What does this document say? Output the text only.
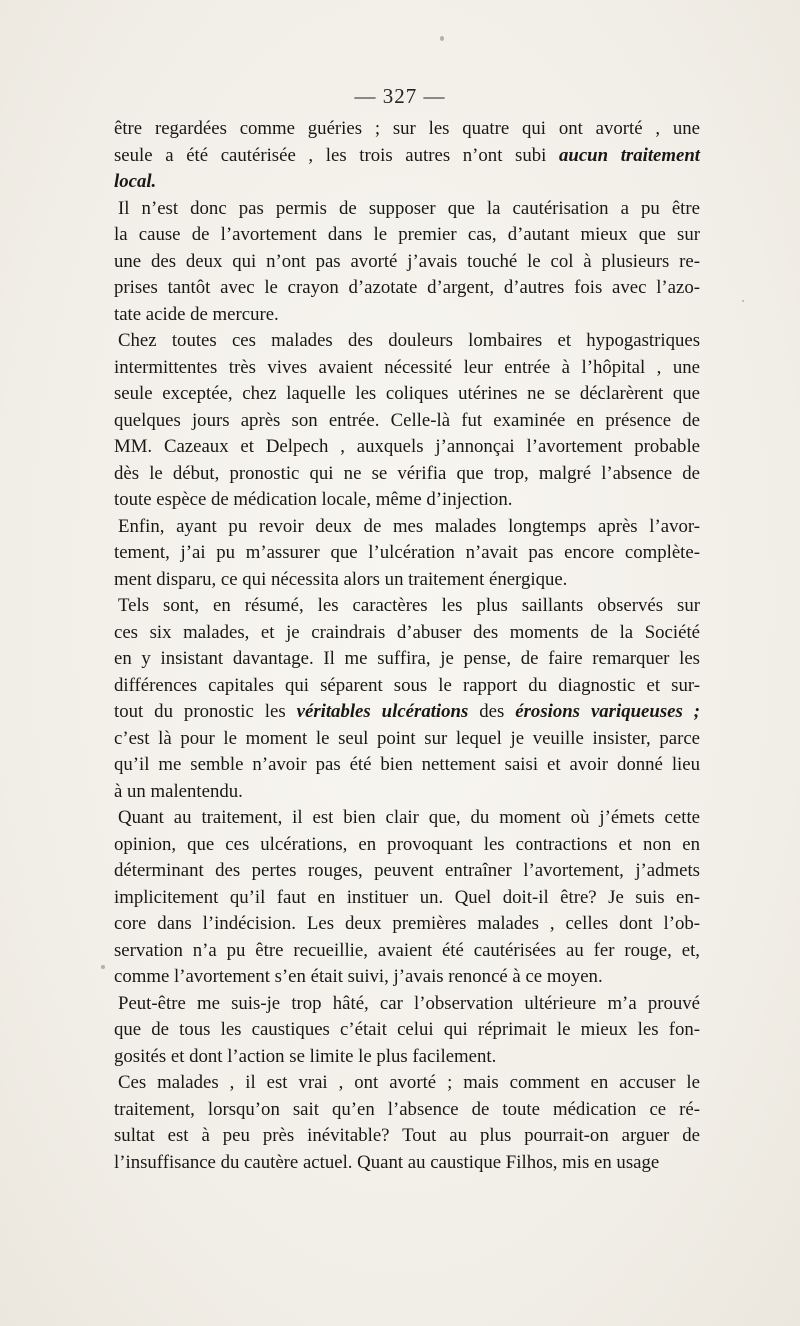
— 327 —
être regardées comme guéries ; sur les quatre qui ont avorté , une
seule a été cautérisée , les trois autres n’ont subi aucun traitement
local.
Il n’est donc pas permis de supposer que la cautérisation a pu être
la cause de l’avortement dans le premier cas, d’autant mieux que sur
une des deux qui n’ont pas avorté j’avais touché le col à plusieurs re-
prises tantôt avec le crayon d’azotate d’argent, d’autres fois avec l’azo-
tate acide de mercure.
Chez toutes ces malades des douleurs lombaires et hypogastriques
intermittentes très vives avaient nécessité leur entrée à l’hôpital , une
seule exceptée, chez laquelle les coliques utérines ne se déclarèrent que
quelques jours après son entrée. Celle-là fut examinée en présence de
MM. Cazeaux et Delpech , auxquels j’annonçai l’avortement probable
dès le début, pronostic qui ne se vérifia que trop, malgré l’absence de
toute espèce de médication locale, même d’injection.
Enfin, ayant pu revoir deux de mes malades longtemps après l’avor-
tement, j’ai pu m’assurer que l’ulcération n’avait pas encore complète-
ment disparu, ce qui nécessita alors un traitement énergique.
Tels sont, en résumé, les caractères les plus saillants observés sur
ces six malades, et je craindrais d’abuser des moments de la Société
en y insistant davantage. Il me suffira, je pense, de faire remarquer les
différences capitales qui séparent sous le rapport du diagnostic et sur-
tout du pronostic les véritables ulcérations des érosions variqueuses ;
c’est là pour le moment le seul point sur lequel je veuille insister, parce
qu’il me semble n’avoir pas été bien nettement saisi et avoir donné lieu
à un malentendu.
Quant au traitement, il est bien clair que, du moment où j’émets cette
opinion, que ces ulcérations, en provoquant les contractions et non en
déterminant des pertes rouges, peuvent entraîner l’avortement, j’admets
implicitement qu’il faut en instituer un. Quel doit-il être? Je suis en-
core dans l’indécision. Les deux premières malades , celles dont l’ob-
servation n’a pu être recueillie, avaient été cautérisées au fer rouge, et,
comme l’avortement s’en était suivi, j’avais renoncé à ce moyen.
Peut-être me suis-je trop hâté, car l’observation ultérieure m’a prouvé
que de tous les caustiques c’était celui qui réprimait le mieux les fon-
gosités et dont l’action se limite le plus facilement.
Ces malades , il est vrai , ont avorté ; mais comment en accuser le
traitement, lorsqu’on sait qu’en l’absence de toute médication ce ré-
sultat est à peu près inévitable? Tout au plus pourrait-on arguer de
l’insuffisance du cautère actuel. Quant au caustique Filhos, mis en usage
